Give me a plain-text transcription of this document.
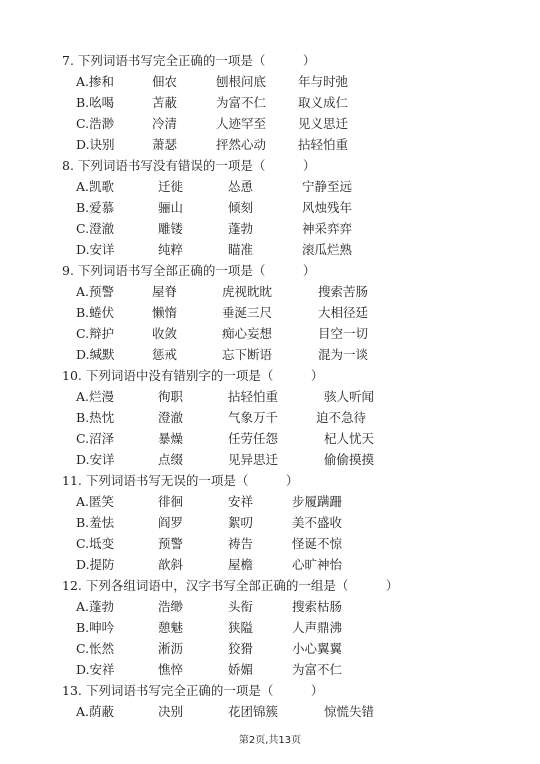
7. 下列词语书写完全正确的一项是（　　　）
A.掺和	佃农	刨根问底	年与时弛
B.吆喝	苫蔽	为富不仁	取义成仁
C.浩渺	冷清	人迹罕至	见义思迁
D.诀别	萧瑟	抨然心动	拈轻怕重
8. 下列词语书写没有错误的一项是（　　　）
A.凯歌	迁徙	怂恿	宁静至远
B.爱慕	骊山	倾刻	风烛残年
C.澄澈	雕镂	蓬勃	神采弈弈
D.安详	纯粹	瞄准	滚瓜烂熟
9. 下列词语书写全部正确的一项是（　　　）
A.预警	屋脊	虎视眈眈	搜索苦肠
B.蜷伏	懒惰	垂涎三尺	大相径廷
C.辩护	收敛	痴心妄想	目空一切
D.缄默	惩戒	忘下断语	混为一谈
10. 下列词语中没有错别字的一项是（　　　）
A.烂漫	徇职	拈轻怕重	骇人听闻
B.热忱	澄澈	气象万千	迫不急待
C.沼泽	暴燥	任劳任怨	杞人忧天
D.安详	点缀	见异思迁	偷偷摸摸
11. 下列词语书写无误的一项是（　　　）
A.匿笑	徘徊	安祥	步履蹒跚
B.羞怯	阎罗	絮叨	美不盛收
C.坻变	预警	祷告	怪诞不惊
D.提防	歆斜	屋檐	心旷神怡
12. 下列各组词语中，汉字书写全部正确的一组是（　　　）
A.蓬勃	浩缈	头衔	搜索枯肠
B.呻吟	憩魅	狭隘	人声鼎沸
C.怅然	淅沥	狡猾	小心翼翼
D.安祥	憔悴	娇媚	为富不仁
13. 下列词语书写完全正确的一项是（　　　）
A.荫蔽	决别	花团锦簇	惊慌失错
第2页,共13页
